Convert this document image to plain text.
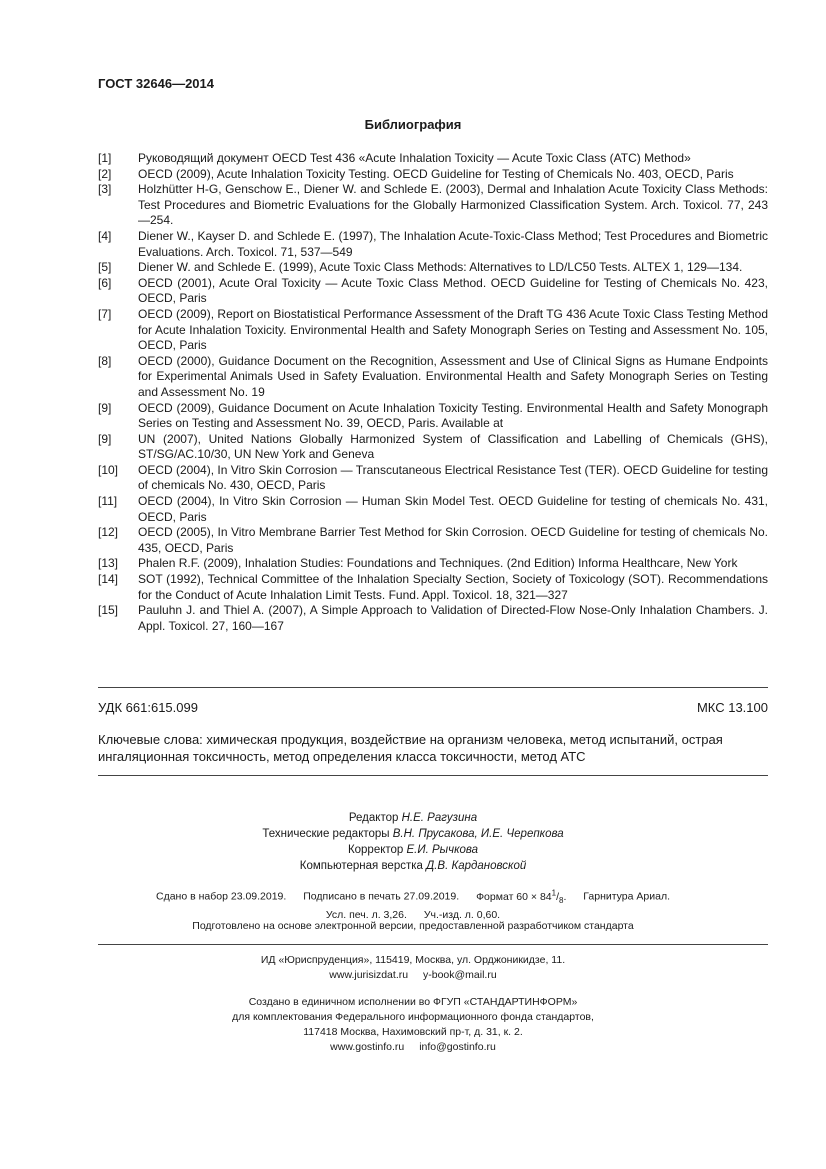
ГОСТ 32646—2014
Библиография
[1]	Руководящий документ OECD Test 436 «Acute Inhalation Toxicity — Acute Toxic Class (ATC) Method»
[2]	OECD (2009), Acute Inhalation Toxicity Testing. OECD Guideline for Testing of Chemicals No. 403, OECD, Paris
[3]	Holzhütter H-G, Genschow E., Diener W. and Schlede E. (2003), Dermal and Inhalation Acute Toxicity Class Methods: Test Procedures and Biometric Evaluations for the Globally Harmonized Classification System. Arch. Toxicol. 77, 243—254.
[4]	Diener W., Kayser D. and Schlede E. (1997), The Inhalation Acute-Toxic-Class Method; Test Procedures and Biometric Evaluations. Arch. Toxicol. 71, 537—549
[5]	Diener W. and Schlede E. (1999), Acute Toxic Class Methods: Alternatives to LD/LC50 Tests. ALTEX 1, 129—134.
[6]	OECD (2001), Acute Oral Toxicity — Acute Toxic Class Method. OECD Guideline for Testing of Chemicals No. 423, OECD, Paris
[7]	OECD (2009), Report on Biostatistical Performance Assessment of the Draft TG 436 Acute Toxic Class Testing Method for Acute Inhalation Toxicity. Environmental Health and Safety Monograph Series on Testing and Assessment No. 105, OECD, Paris
[8]	OECD (2000), Guidance Document on the Recognition, Assessment and Use of Clinical Signs as Humane Endpoints for Experimental Animals Used in Safety Evaluation. Environmental Health and Safety Monograph Series on Testing and Assessment No. 19
[9]	OECD (2009), Guidance Document on Acute Inhalation Toxicity Testing. Environmental Health and Safety Monograph Series on Testing and Assessment No. 39, OECD, Paris. Available at
[9]	UN (2007), United Nations Globally Harmonized System of Classification and Labelling of Chemicals (GHS), ST/SG/AC.10/30, UN New York and Geneva
[10]	OECD (2004), In Vitro Skin Corrosion — Transcutaneous Electrical Resistance Test (TER). OECD Guideline for testing of chemicals No. 430, OECD, Paris
[11]	OECD (2004), In Vitro Skin Corrosion — Human Skin Model Test. OECD Guideline for testing of chemicals No. 431, OECD, Paris
[12]	OECD (2005), In Vitro Membrane Barrier Test Method for Skin Corrosion. OECD Guideline for testing of chemicals No. 435, OECD, Paris
[13]	Phalen R.F. (2009), Inhalation Studies: Foundations and Techniques. (2nd Edition) Informa Healthcare, New York
[14]	SOT (1992), Technical Committee of the Inhalation Specialty Section, Society of Toxicology (SOT). Recommendations for the Conduct of Acute Inhalation Limit Tests. Fund. Appl. Toxicol. 18, 321—327
[15]	Pauluhn J. and Thiel A. (2007), A Simple Approach to Validation of Directed-Flow Nose-Only Inhalation Chambers. J. Appl. Toxicol. 27, 160—167
УДК 661:615.099	МКС 13.100
Ключевые слова: химическая продукция, воздействие на организм человека, метод испытаний, острая ингаляционная токсичность, метод определения класса токсичности, метод АТС
Редактор Н.Е. Рагузина
Технические редакторы В.Н. Прусакова, И.Е. Черепкова
Корректор Е.И. Рычкова
Компьютерная верстка Д.В. Кардановской
Сдано в набор 23.09.2019. Подписано в печать 27.09.2019. Формат $60 \times 84^1/_8$. Гарнитура Ариал.
Усл. печ. л. 3,26. Уч.-изд. л. 0,60.
Подготовлено на основе электронной версии, предоставленной разработчиком стандарта
ИД «Юриспруденция», 115419, Москва, ул. Орджоникидзе, 11.
www.jurisizdat.ru y-book@mail.ru
Создано в единичном исполнении во ФГУП «СТАНДАРТИНФОРМ»
для комплектования Федерального информационного фонда стандартов,
117418 Москва, Нахимовский пр-т, д. 31, к. 2.
www.gostinfo.ru info@gostinfo.ru
